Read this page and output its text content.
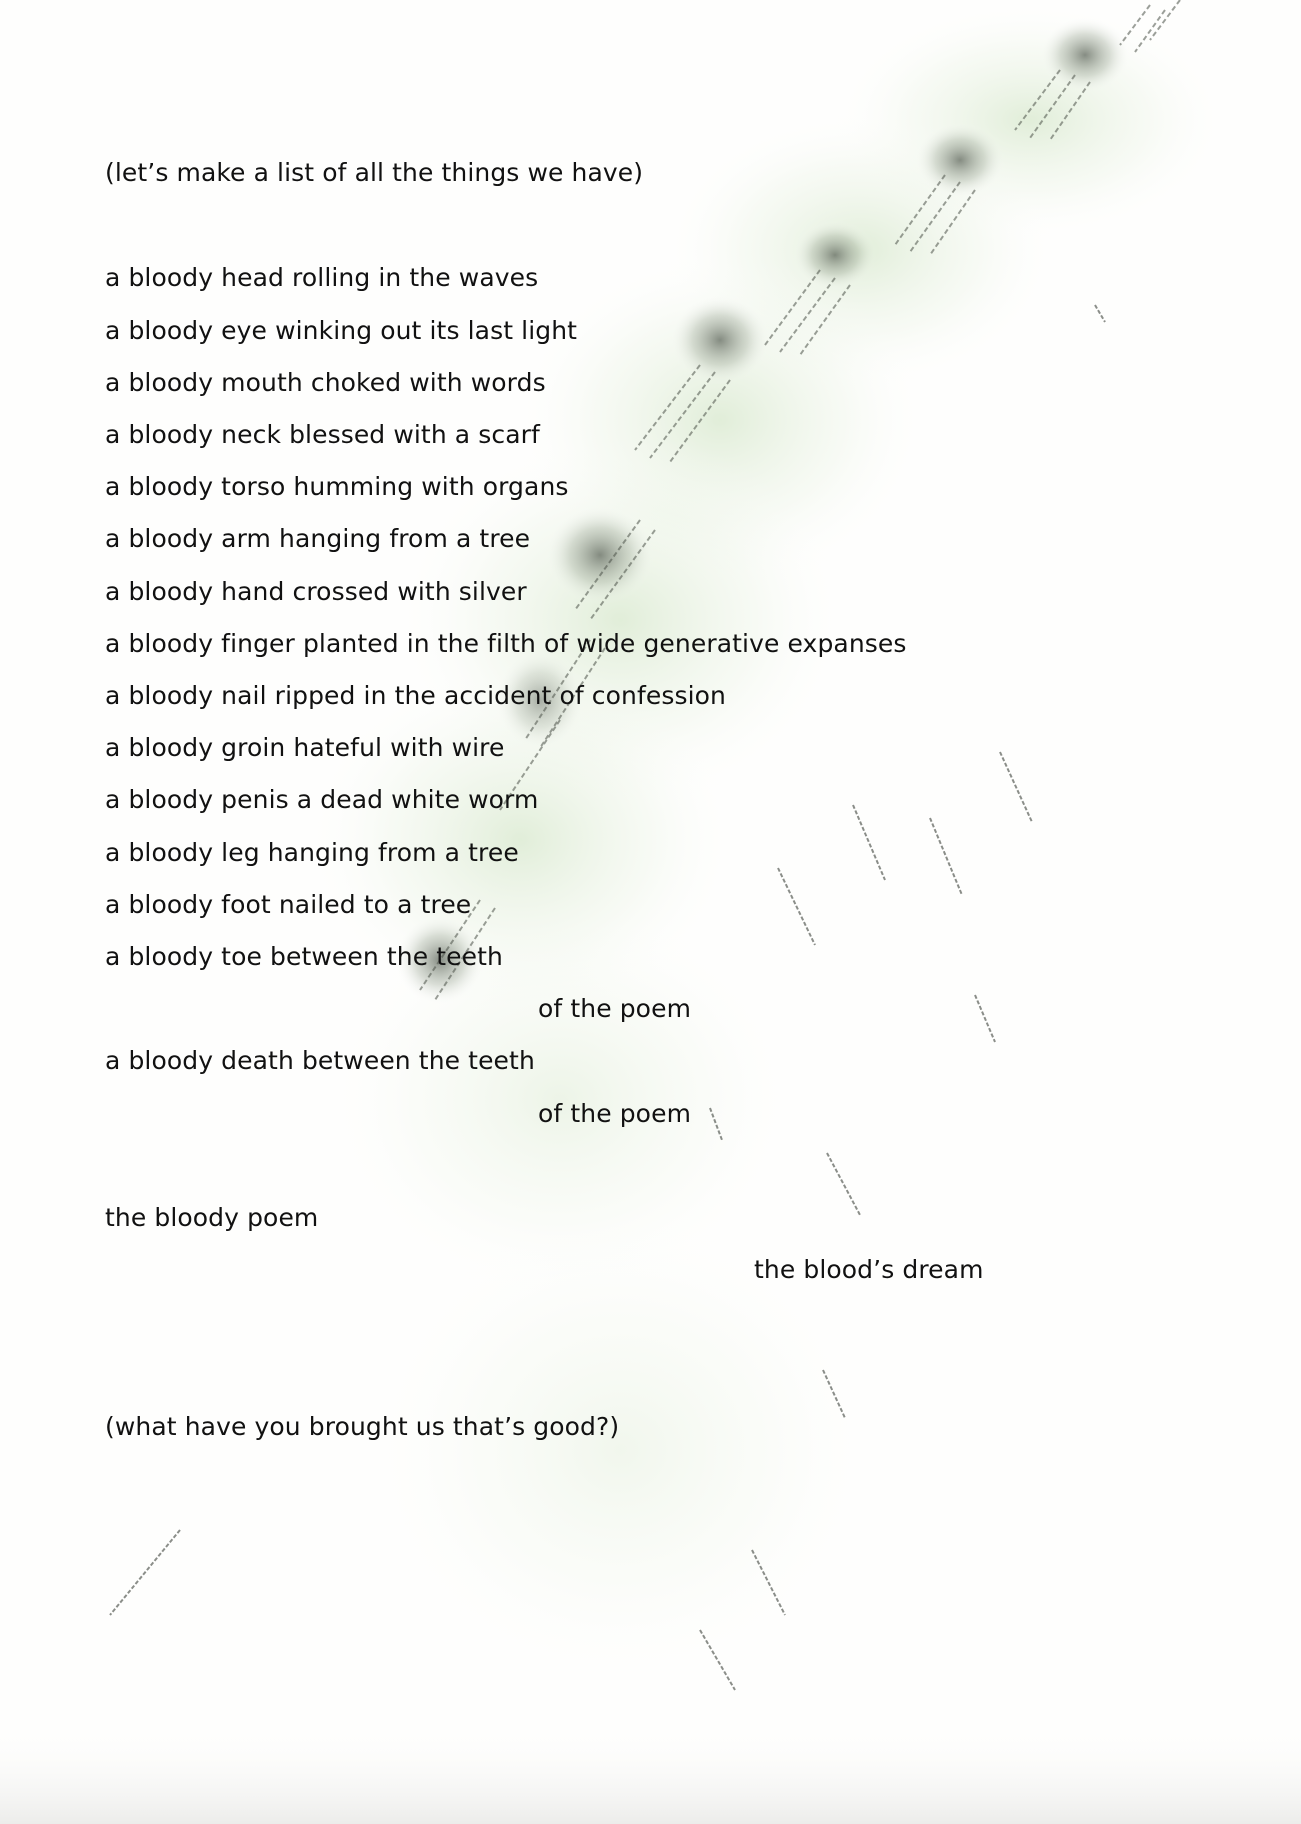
(let’s make a list of all the things we have)
a bloody head rolling in the waves
a bloody eye winking out its last light
a bloody mouth choked with words
a bloody neck blessed with a scarf
a bloody torso humming with organs
a bloody arm hanging from a tree
a bloody hand crossed with silver
a bloody finger planted in the filth of wide generative expanses
a bloody nail ripped in the accident of confession
a bloody groin hateful with wire
a bloody penis a dead white worm
a bloody leg hanging from a tree
a bloody foot nailed to a tree
a bloody toe between the teeth
of the poem
a bloody death between the teeth
of the poem
the bloody poem
the blood’s dream
(what have you brought us that’s good?)
